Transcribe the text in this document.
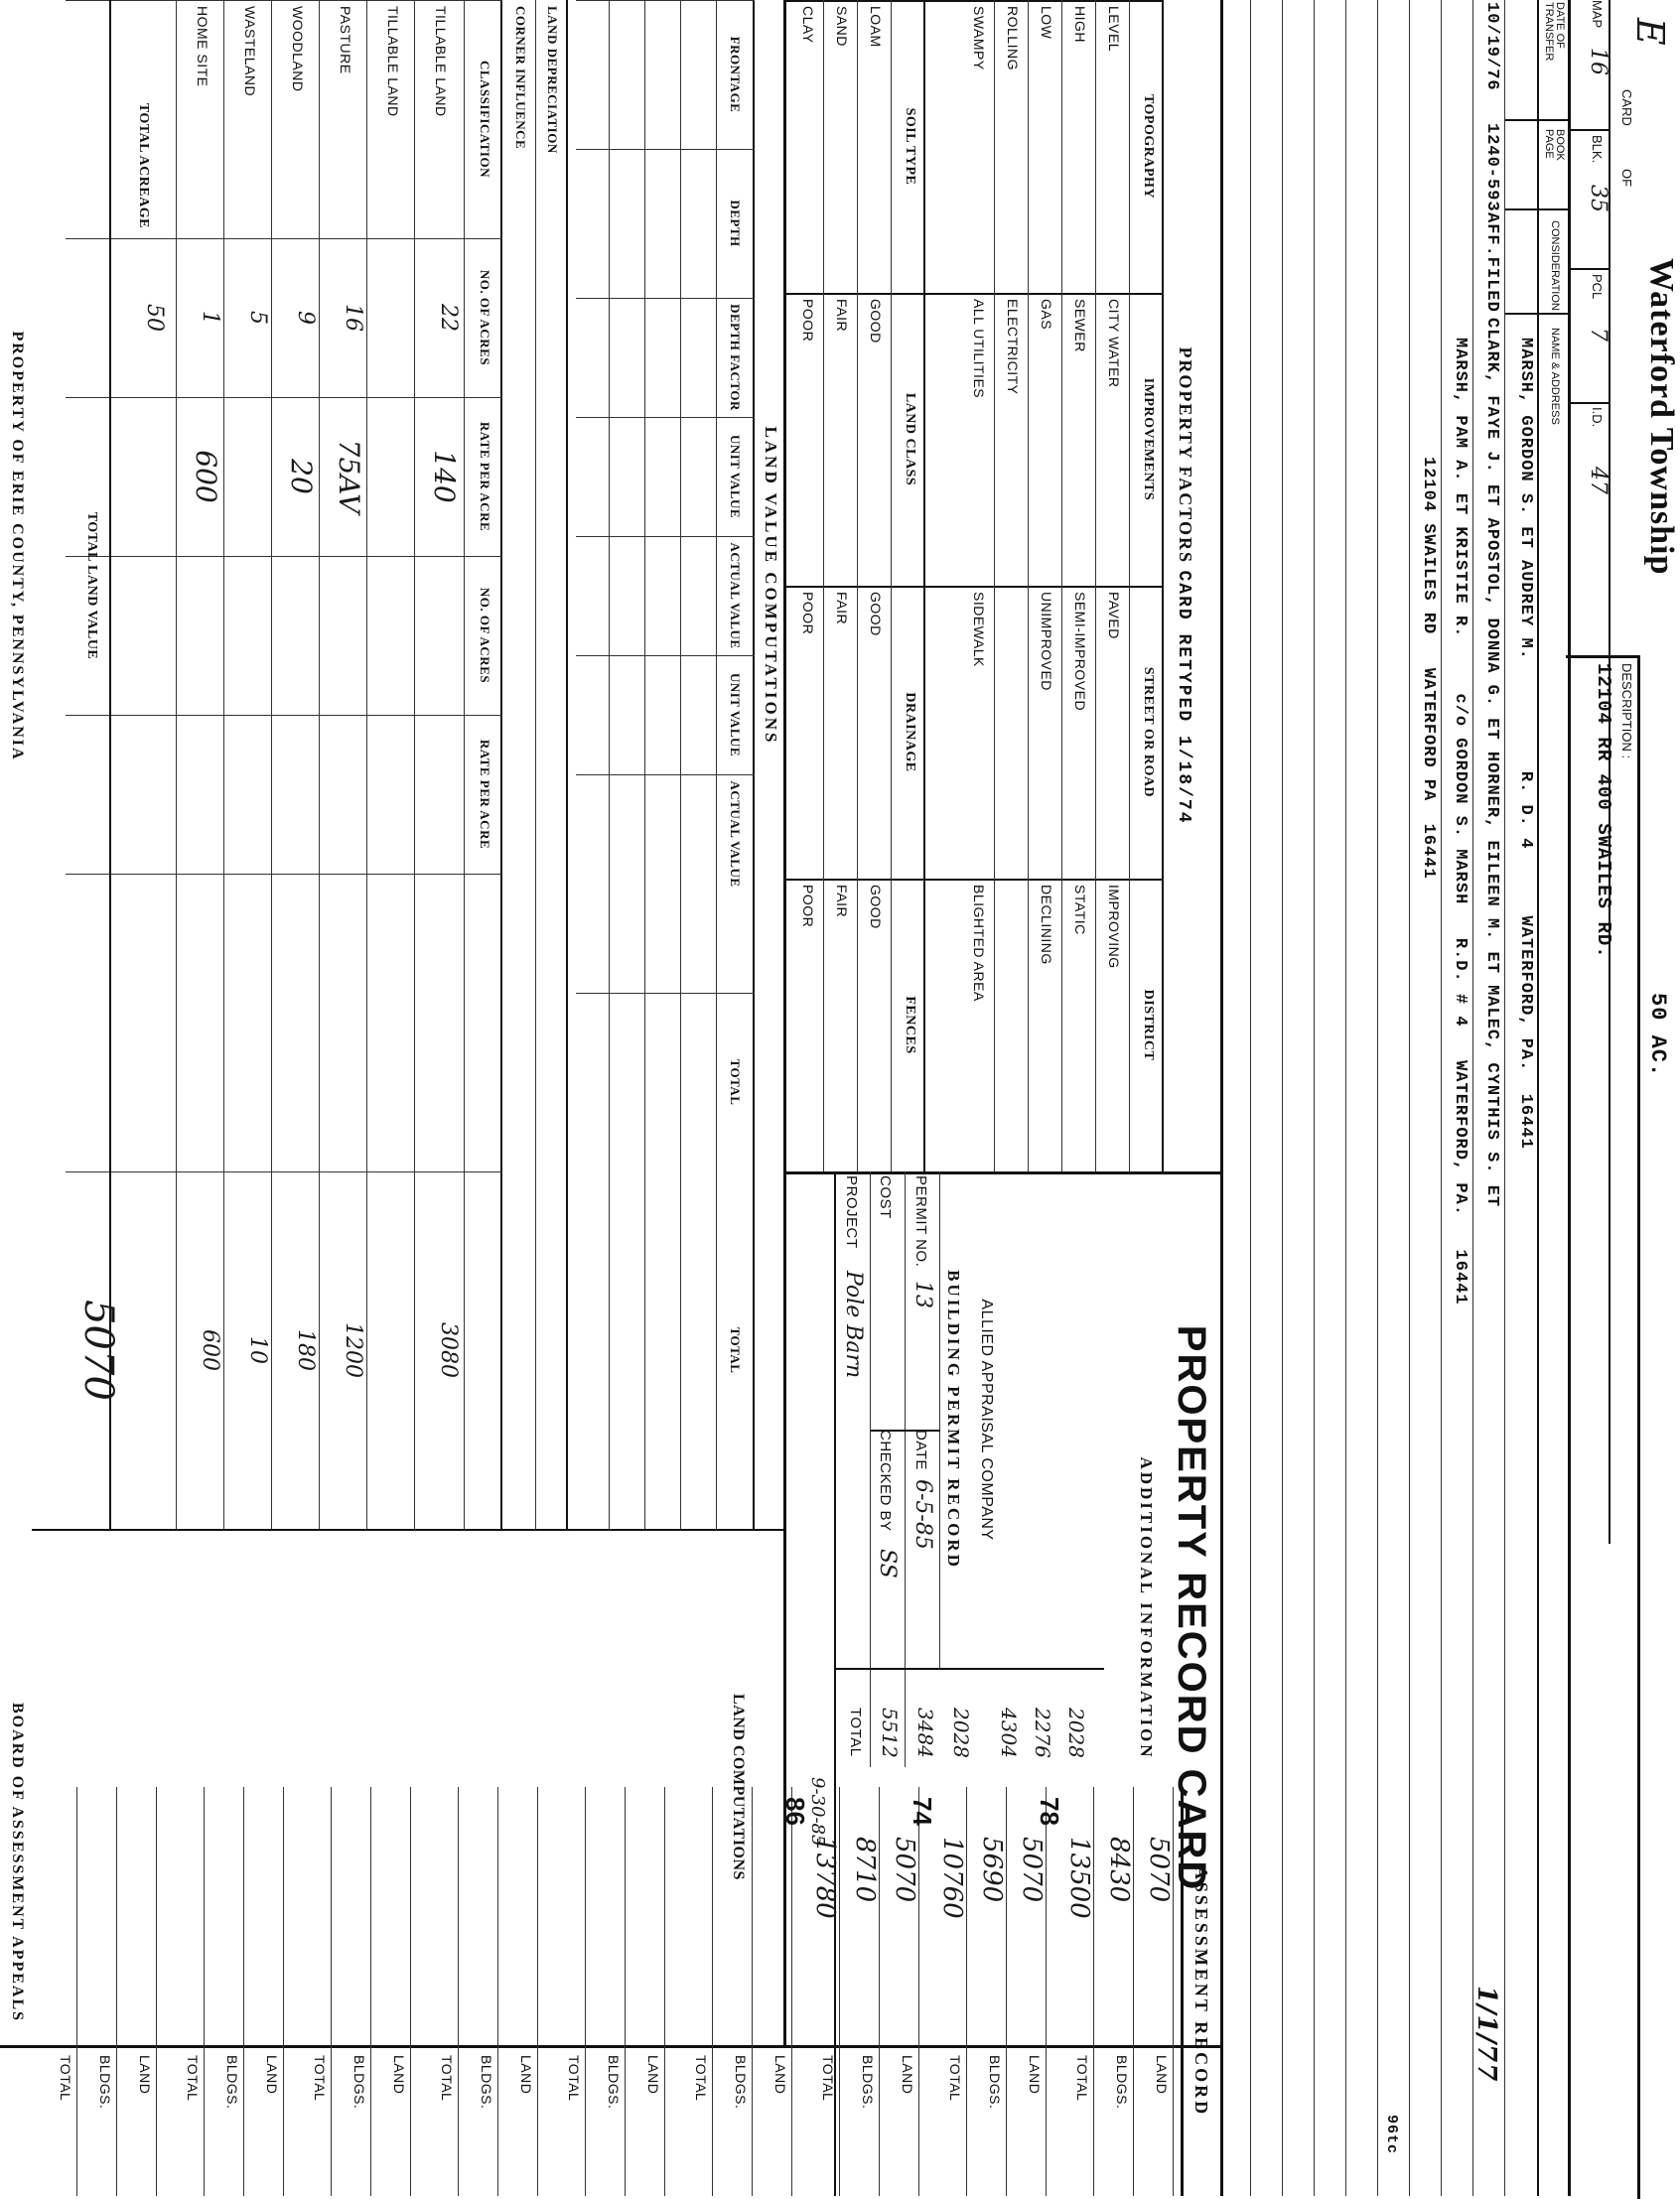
E
Waterford Township
50 AC.
CARD
OF
MAP
16
BLK.
35
PCL
7
I.D.
47
DESCRIPTION :
12104 RR 400 SWAILES RD.
DATE OF TRANSFER
BOOK PAGE
CONSIDERATION
NAME & ADDRESS
MARSH, GORDON S. ET AUDREY M.          R. D. 4      WATERFORD, PA.  16441
10/19/76
1240-593
AFF.FILED
CLARK, FAYE J. ET APOSTOL, DONNA G. ET HORNER, EILEEN M. ET MALEC, CYNTHIS S. ET
MARSH, PAM A. ET KRISTIE R.     c/o GORDON S. MARSH   R.D. # 4   WATERFORD, PA.   16441
12104 SWAILES RD   WATERFORD PA  16441
1/1/77
96tc
PROPERTY FACTORS CARD RETYPED 1/18/74
TOPOGRAPHY
IMPROVEMENTS
STREET OR ROAD
DISTRICT
LEVEL
CITY WATER
PAVED
IMPROVING
HIGH
SEWER
SEMI-IMPROVED
STATIC
LOW
GAS
UNIMPROVED
DECLINING
ROLLING
ELECTRICITY
SWAMPY
ALL UTILITIES
SIDEWALK
BLIGHTED AREA
SOIL TYPE
LAND CLASS
DRAINAGE
FENCES
LOAM
GOOD
GOOD
GOOD
SAND
FAIR
FAIR
FAIR
CLAY
POOR
POOR
POOR
PROPERTY RECORD CARD
ADDITIONAL INFORMATION
ALLIED APPRAISAL COMPANY
BUILDING PERMIT RECORD
PERMIT NO.
13
DATE
6-5-85
COST
CHECKED BY
SS
PROJECT
Pole Barn
2028
2276
4304
2028
3484
5512
TOTAL
ASSESSMENT RECORD
LAND
5070
BLDGS.
8430
TOTAL
13500
LAND
5070
BLDGS.
5690
TOTAL
10760
LAND
5070
BLDGS.
8710
TOTAL
13780
LAND
BLDGS.
TOTAL
LAND
BLDGS.
TOTAL
LAND
BLDGS.
TOTAL
LAND
BLDGS.
TOTAL
LAND
BLDGS.
TOTAL
LAND
BLDGS.
TOTAL
78
74
86
9-30-85
LAND VALUE COMPUTATIONS
FRONTAGE
DEPTH
DEPTH FACTOR
UNIT VALUE
ACTUAL VALUE
UNIT VALUE
ACTUAL VALUE
TOTAL
TOTAL
LAND COMPUTATIONS
LAND DEPRECIATION
CORNER INFLUENCE
CLASSIFICATION
NO. OF ACRES
RATE PER ACRE
NO. OF ACRES
RATE PER ACRE
TILLABLE LAND
22
140
3080
TILLABLE LAND
PASTURE
16
75AV
1200
WOODLAND
9
20
180
WASTELAND
5
10
HOME SITE
1
600
600
TOTAL ACREAGE
50
TOTAL LAND VALUE
5070
PROPERTY OF ERIE COUNTY, PENNSYLVANIA
BOARD OF ASSESSMENT APPEALS
